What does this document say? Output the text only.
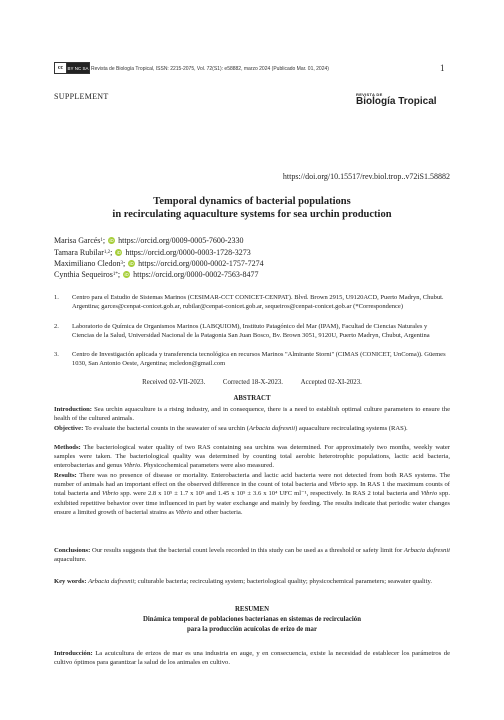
cc BY NC SA Revista de Biología Tropical, ISSN: 2215-2075, Vol. 72(S1): e58882, marzo 2024 (Publicado Mar. 01, 2024)	1
SUPPLEMENT	REVISTA DE
Biología Tropical
https://doi.org/10.15517/rev.biol.trop..v72iS1.58882
Temporal dynamics of bacterial populations
in recirculating aquaculture systems for sea urchin production
Marisa Garcés 1 ; iD https://orcid.org/0009-0005-7600-2330
Tamara Rubilar 1,2 ; iD https://orcid.org/0000-0003-1728-3273
Maximiliano Cledon 3 ; iD https://orcid.org/0000-0002-1757-7274
Cynthia Sequeiros 1* ; iD https://orcid.org/0000-0002-7563-8477
1.	Centro para el Estudio de Sistemas Marinos (CESIMAR-CCT CONICET-CENPAT). Blvd. Brown 2915, U9120ACD, Puerto Madryn, Chubut. Argentina; garces@cenpat-conicet.gob.ar, rubilar@cenpat-conicet.gob.ar, sequeiros@cenpat-conicet.gob.ar (*Correspondence)
2.	Laboratorio de Química de Organismos Marinos (LABQUIOM), Instituto Patagónico del Mar (IPAM), Facultad de Ciencias Naturales y Ciencias de la Salud, Universidad Nacional de la Patagonia San Juan Bosco, Bv. Brown 3051, 9120U, Puerto Madryn, Chubut, Argentina
3.	Centro de Investigación aplicada y transferencia tecnológica en recursos Marinos "Almirante Storni" (CIMAS (CONICET, UnComa)). Güemes 1030, San Antonio Oeste, Argentina; mcledon@gmail.com
Received 02-VII-2023.	Corrected 18-X-2023.	Accepted 02-XI-2023.
ABSTRACT
Introduction: Sea urchin aquaculture is a rising industry, and in consequence, there is a need to establish optimal culture parameters to ensure the health of the cultured animals.
Objective: To evaluate the bacterial counts in the seawater of sea urchin (Arbacia dufresnii) aquaculture recirculating systems (RAS).
Methods: The bacteriological water quality of two RAS containing sea urchins was determined. For approximately two months, weekly water samples were taken. The bacteriological quality was determined by counting total aerobic heterotrophic populations, lactic acid bacteria, enterobacterias and genus Vibrio. Physicochemical parameters were also measured.
Results: There was no presence of disease or mortality. Enterobacteria and lactic acid bacteria were not detected from both RAS systems. The number of animals had an important effect on the observed difference in the count of total bacteria and Vibrio spp. In RAS 1 the maximum counts of total bacteria and Vibrio spp. were 2.8 x 10⁵ ± 1.7 x 10⁵ and 1.45 x 10⁵ ± 3.6 x 10⁴ UFC ml⁻¹, respectively. In RAS 2 total bacteria and Vibrio spp. exhibited repetitive behavior over time influenced in part by water exchange and mainly by feeding. The results indicate that periodic water changes ensure a limited growth of bacterial strains as Vibrio and other bacteria.
Conclusions: Our results suggests that the bacterial count levels recorded in this study can be used as a threshold or safety limit for Arbacia dufresnii aquaculture.
Key words: Arbacia dufresnii; culturable bacteria; recirculating system; bacteriological quality; physicochemical parameters; seawater quality.
RESUMEN
Dinámica temporal de poblaciones bacterianas en sistemas de recirculación
para la producción acuícolas de erizo de mar
Introducción: La acuicultura de erizos de mar es una industria en auge, y en consecuencia, existe la necesidad de establecer los parámetros de cultivo óptimos para garantizar la salud de los animales en cultivo.
